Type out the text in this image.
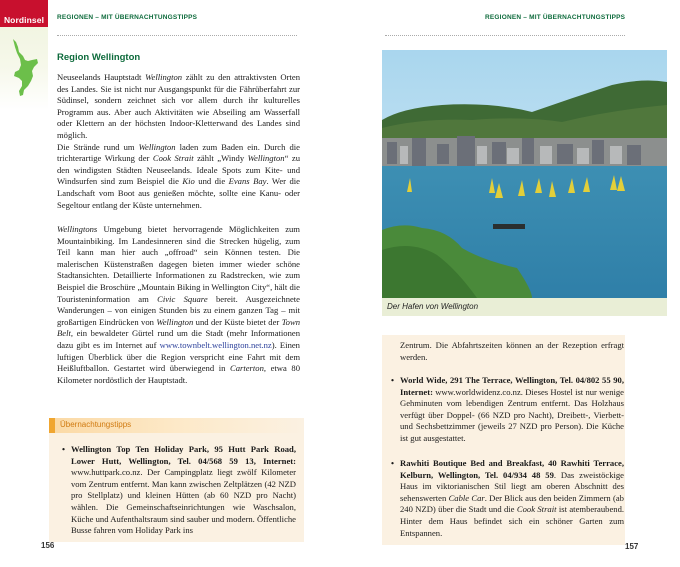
Nordinsel	REGIONEN – MIT ÜBERNACHTUNGSTIPPS
Region Wellington

Neuseelands Hauptstadt Wellington zählt zu den attraktivsten Orten des Landes. Sie ist nicht nur Ausgangspunkt für die Fährüberfahrt zur Südinsel, sondern zeichnet sich vor allem durch ihr kulturelles Programm aus. Aber auch Aktivitäten wie Abseiling am Wasserfall oder Klettern an der höchsten Indoor-Kletterwand des Landes sind möglich.

Die Strände rund um Wellington laden zum Baden ein. Durch die trichterartige Wirkung der Cook Strait zählt „Windy Wellington“ zu den windigsten Städten Neuseelands. Ideale Spots zum Kite- und Windsurfen sind zum Beispiel die Kio und die Evans Bay. Wer die Landschaft vom Boot aus genießen möchte, sollte eine Kanu- oder Segeltour entlang der Küste unternehmen.

Wellingtons Umgebung bietet hervorragende Möglichkeiten zum Mountainbiking. Im Landesinneren sind die Strecken hügelig, zum Teil kann man hier auch „offroad“ sein Können testen. Die malerischen Küstenstraßen dagegen bieten immer wieder schöne Stadtansichten. Detaillierte Informationen zu Radstrecken, wie zum Beispiel die Broschüre „Mountain Biking in Wellington City“, hält die Touristeninformation am Civic Square bereit. Ausgezeichnete Wanderungen – von einigen Stunden bis zu einem ganzen Tag – mit großartigen Eindrücken von Wellington und der Küste bietet der Town Belt, ein bewaldeter Gürtel rund um die Stadt (mehr Informationen dazu gibt es im Internet auf www.townbelt.wellington.net.nz). Einen luftigen Überblick über die Region verspricht eine Fahrt mit dem Heißluftballon. Gestartet wird überwiegend in Carterton, etwa 80 Kilometer nordöstlich der Hauptstadt.

Übernachtungstipps
• Wellington Top Ten Holiday Park, 95 Hutt Park Road, Lower Hutt, Wellington, Tel. 04/568 59 13, Internet: www.huttpark.co.nz. Der Campingplatz liegt zwölf Kilometer vom Zentrum entfernt. Man kann zwischen Zeltplätzen (42 NZD pro Stellplatz) und kleinen Hütten (ab 60 NZD pro Nacht) wählen. Die Gemeinschaftseinrichtungen wie Waschsalon, Küche und Aufenthaltsraum sind sauber und modern. Öffentliche Busse fahren vom Holiday Park ins
156
REGIONEN – MIT ÜBERNACHTUNGSTIPPS
Der Hafen von Wellington
Zentrum. Die Abfahrtszeiten können an der Rezeption erfragt werden.
• World Wide, 291 The Terrace, Wellington, Tel. 04/802 55 90, Internet: www.worldwidenz.co.nz. Dieses Hostel ist nur wenige Gehminuten vom lebendigen Zentrum entfernt. Das Holzhaus verfügt über Doppel- (66 NZD pro Nacht), Dreibett-, Vierbett- und Sechsbettzimmer (jeweils 27 NZD pro Person). Die Küche ist gut ausgestattet.
• Rawhiti Boutique Bed and Breakfast, 40 Rawhiti Terrace, Kelburn, Wellington, Tel. 04/934 48 59. Das zweistöckige Haus im viktorianischen Stil liegt am oberen Abschnitt des sehenswerten Cable Car. Der Blick aus den beiden Zimmern (ab 240 NZD) über die Stadt und die Cook Strait ist atemberaubend. Hinter dem Haus befindet sich ein schöner Garten zum Entspannen.
157
